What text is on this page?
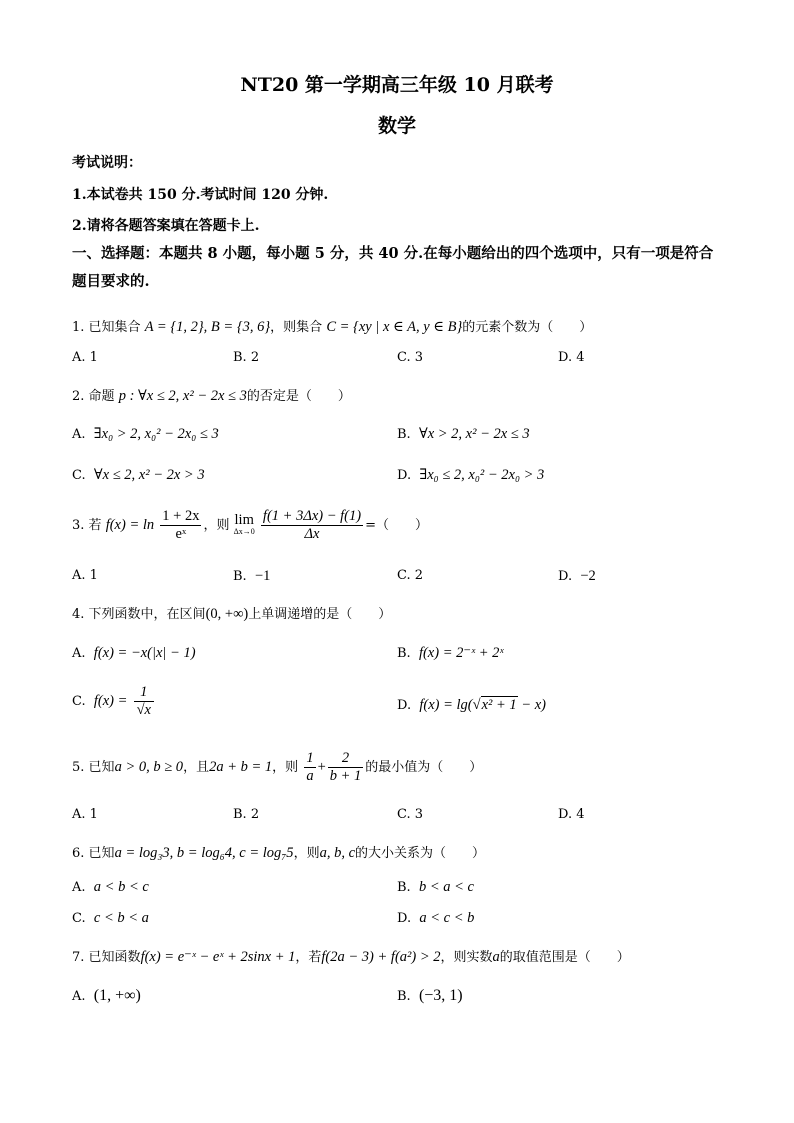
NT20 第一学期高三年级 10 月联考
数学
考试说明：
1.本试卷共 150 分.考试时间 120 分钟.
2.请将各题答案填在答题卡上.
一、选择题：本题共 8 小题，每小题 5 分，共 40 分.在每小题给出的四个选项中，只有一项是符合题目要求的.
1. 已知集合 A = {1, 2}, B = {3, 6}，则集合 C = {xy | x ∈ A, y ∈ B}的元素个数为（　　）
A. 1	B. 2	C. 3	D. 4
2. 命题 p : ∀x ≤ 2, x² − 2x ≤ 3的否定是（　　）
A. ∃x₀ > 2, x₀² − 2x₀ ≤ 3	B. ∀x > 2, x² − 2x ≤ 3
C. ∀x ≤ 2, x² − 2x > 3	D. ∃x₀ ≤ 2, x₀² − 2x₀ > 3
3. 若 $f(x) = \ln \frac{1 + 2x}{\text{eˣ}}$ ，则 lim
Δx→0
$\frac{f(1 + 3\Delta x) - f(1)}{\Delta x}$ =（　　）
A. 1	B. −1	C. 2	D. −2
4. 下列函数中，在区间(0, +∞)上单调递增的是（　　）
A. f(x) = −x(|x| − 1)	B. f(x) = 2⁻ˣ + 2ˣ
C. $f(x) = \frac{1}{√x}$	D. f(x) = lg(√x² + 1 − x)
5. 已知a > 0, b ≥ 0，且2a + b = 1，则 $\frac{1}{a} + \frac{2}{b + 1}$ 的最小值为（　　）
A. 1	B. 2	C. 3	D. 4
6. 已知a = log₃3, b = log₆4, c = log₇5，则a, b, c的大小关系为（　　）
A. a < b < c	B. b < a < c
C. c < b < a	D. a < c < b
7. 已知函数f(x) = e⁻ˣ − eˣ + 2sinx + 1，若f(2a − 3) + f(a²) > 2，则实数a的取值范围是（　　）
A. (1, +∞)	B. (−3, 1)
